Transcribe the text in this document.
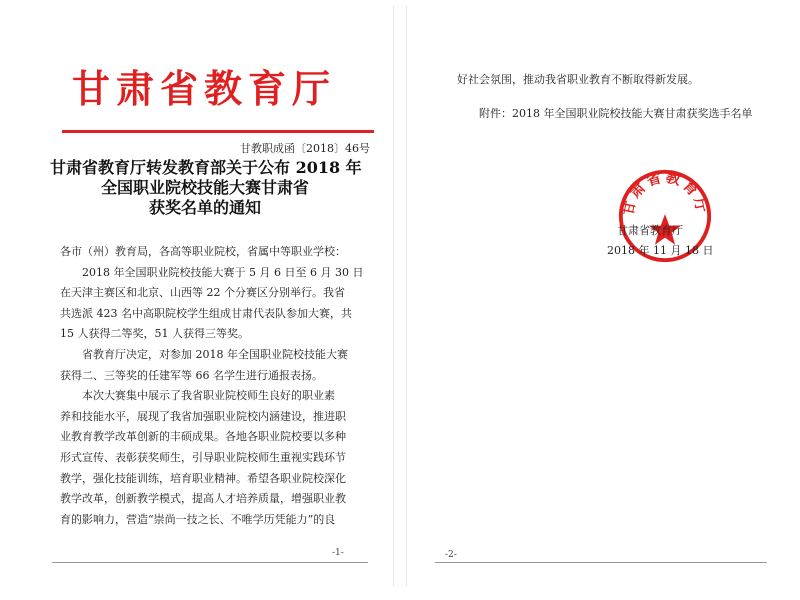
甘肃省教育厅
甘教职成函〔2018〕46号
甘肃省教育厅转发教育部关于公布 2018 年
全国职业院校技能大赛甘肃省
获奖名单的通知
各市（州）教育局，各高等职业院校，省属中等职业学校：
2018 年全国职业院校技能大赛于 5 月 6 日至 6 月 30 日
在天津主赛区和北京、山西等 22 个分赛区分别举行。我省
共选派 423 名中高职院校学生组成甘肃代表队参加大赛，共
15 人获得二等奖，51 人获得三等奖。
省教育厅决定，对参加 2018 年全国职业院校技能大赛
获得二、三等奖的任建军等 66 名学生进行通报表扬。
本次大赛集中展示了我省职业院校师生良好的职业素
养和技能水平，展现了我省加强职业院校内涵建设，推进职
业教育教学改革创新的丰硕成果。各地各职业院校要以多种
形式宣传、表彰获奖师生，引导职业院校师生重视实践环节
教学，强化技能训练，培育职业精神。希望各职业院校深化
教学改革，创新教学模式，提高人才培养质量，增强职业教
育的影响力，营造“崇尚一技之长、不唯学历凭能力”的良
-1-
好社会氛围，推动我省职业教育不断取得新发展。
附件：2018 年全国职业院校技能大赛甘肃获奖选手名单
甘肃省教育厅
甘肃省教育厅
2018 年 11 月 18 日
-2-
